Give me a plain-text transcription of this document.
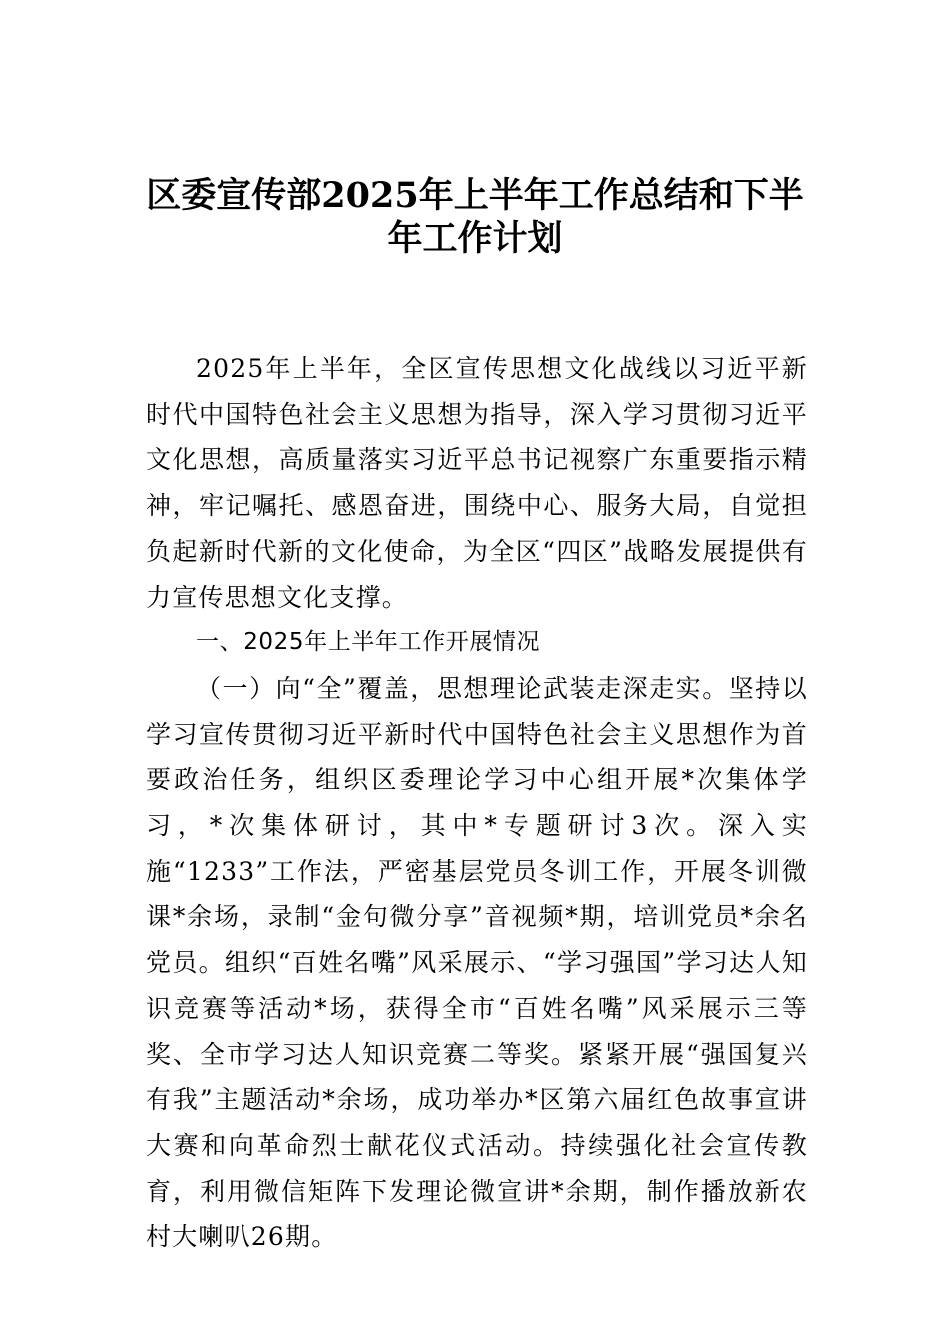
区委宣传部2025年上半年工作总结和下半
年工作计划

2025年上半年，全区宣传思想文化战线以习近平新时代中国特色社会主义思想为指导，深入学习贯彻习近平文化思想，高质量落实习近平总书记视察广东重要指示精神，牢记嘱托、感恩奋进，围绕中心、服务大局，自觉担负起新时代新的文化使命，为全区“四区”战略发展提供有力宣传思想文化支撑。

一、2025年上半年工作开展情况

（一）向“全”覆盖，思想理论武装走深走实。坚持以学习宣传贯彻习近平新时代中国特色社会主义思想作为首要政治任务，组织区委理论学习中心组开展*次集体学习，*次集体研讨，其中*专题研讨3次。深入实施“1233”工作法，严密基层党员冬训工作，开展冬训微课*余场，录制“金句微分享”音视频*期，培训党员*余名党员。组织“百姓名嘴”风采展示、“学习强国”学习达人知识竞赛等活动*场，获得全市“百姓名嘴”风采展示三等奖、全市学习达人知识竞赛二等奖。紧紧开展“强国复兴有我”主题活动*余场，成功举办*区第六届红色故事宣讲大赛和向革命烈士献花仪式活动。持续强化社会宣传教育，利用微信矩阵下发理论微宣讲*余期，制作播放新农村大喇叭26期。
